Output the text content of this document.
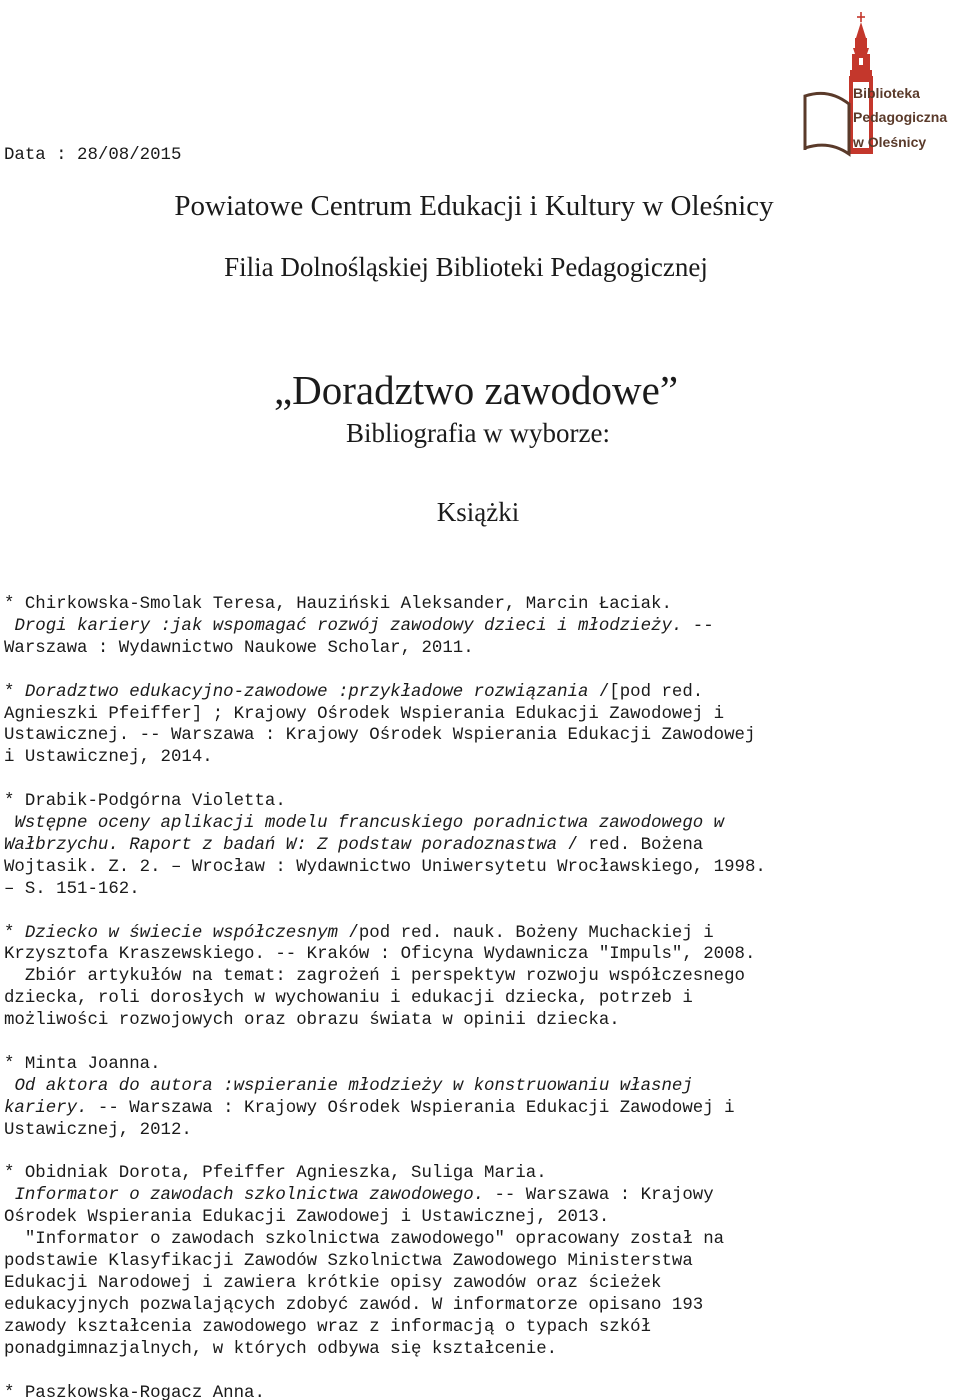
Data : 28/08/2015
Biblioteka
Pedagogiczna
w Oleśnicy
Powiatowe Centrum Edukacji i Kultury w Oleśnicy
Filia Dolnośląskiej Biblioteki Pedagogicznej
„Doradztwo zawodowe”
Bibliografia w wyborze:
Książki

* Chirkowska-Smolak Teresa, Hauziński Aleksander, Marcin Łaciak.

Drogi kariery :jak wspomagać rozwój zawodowy dzieci i młodzieży. --

Warszawa : Wydawnictwo Naukowe Scholar, 2011.

* Doradztwo edukacyjno-zawodowe :przykładowe rozwiązania /[pod red.

Agnieszki Pfeiffer] ; Krajowy Ośrodek Wspierania Edukacji Zawodowej i

Ustawicznej. -- Warszawa : Krajowy Ośrodek Wspierania Edukacji Zawodowej

i Ustawicznej, 2014.

* Drabik-Podgórna Violetta.

Wstępne oceny aplikacji modelu francuskiego poradnictwa zawodowego w

Wałbrzychu. Raport z badań W: Z podstaw poradoznastwa / red. Bożena

Wojtasik. Z. 2. – Wrocław : Wydawnictwo Uniwersytetu Wrocławskiego, 1998.

– S. 151-162.

* Dziecko w świecie współczesnym /pod red. nauk. Bożeny Muchackiej i

Krzysztofa Kraszewskiego. -- Kraków : Oficyna Wydawnicza "Impuls", 2008.

Zbiór artykułów na temat: zagrożeń i perspektyw rozwoju współczesnego

dziecka, roli dorosłych w wychowaniu i edukacji dziecka, potrzeb i

możliwości rozwojowych oraz obrazu świata w opinii dziecka.

* Minta Joanna.

Od aktora do autora :wspieranie młodzieży w konstruowaniu własnej

kariery. -- Warszawa : Krajowy Ośrodek Wspierania Edukacji Zawodowej i

Ustawicznej, 2012.

* Obidniak Dorota, Pfeiffer Agnieszka, Suliga Maria.

Informator o zawodach szkolnictwa zawodowego. -- Warszawa : Krajowy

Ośrodek Wspierania Edukacji Zawodowej i Ustawicznej, 2013.

"Informator o zawodach szkolnictwa zawodowego" opracowany został na

podstawie Klasyfikacji Zawodów Szkolnictwa Zawodowego Ministerstwa

Edukacji Narodowej i zawiera krótkie opisy zawodów oraz ścieżek

edukacyjnych pozwalających zdobyć zawód. W informatorze opisano 193

zawody kształcenia zawodowego wraz z informacją o typach szkół

ponadgimnazjalnych, w których odbywa się kształcenie.

* Paszkowska-Rogacz Anna.
